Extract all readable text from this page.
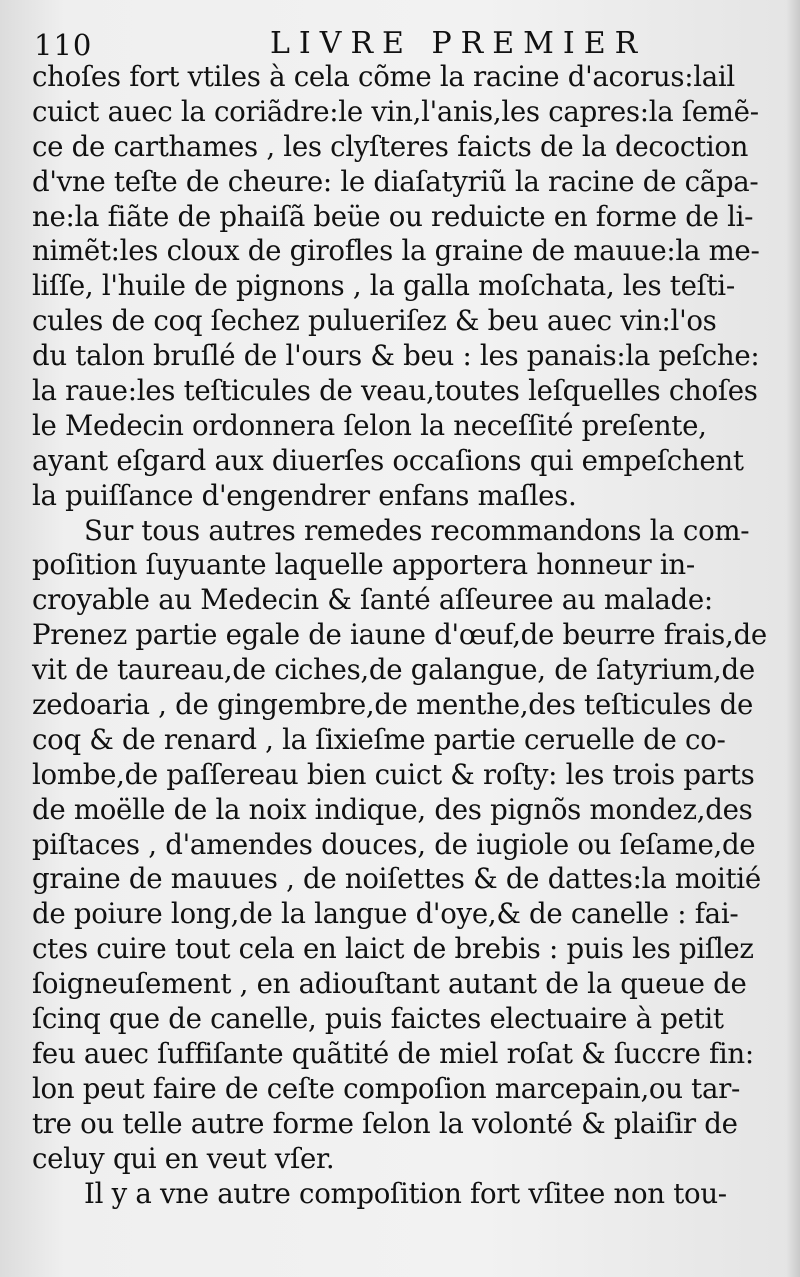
110	LIVRE PREMIER
choſes fort vtiles à cela cõme la racine d'acorus:lail
cuict auec la coriãdre:le vin,l'anis,les capres:la ſemẽ-
ce de carthames , les clyſteres faicts de la decoction
d'vne teſte de cheure: le diaſatyriũ la racine de cãpa-
ne:la fiãte de phaiſã beüe ou reduicte en forme de li-
nimẽt:les cloux de girofles la graine de mauue:la me-
liſſe, l'huile de pignons , la galla moſchata, les teſti-
cules de coq ſechez pulueriſez & beu auec vin:l'os
du talon bruſlé de l'ours & beu : les panais:la peſche:
la raue:les teſticules de veau,toutes leſquelles choſes
le Medecin ordonnera ſelon la neceſſité preſente,
ayant eſgard aux diuerſes occaſions qui empeſchent
la puiſſance d'engendrer enfans maſles.
Sur tous autres remedes recommandons la com-
poſition ſuyuante laquelle apportera honneur in-
croyable au Medecin & ſanté aſſeuree au malade:
Prenez partie egale de iaune d'œuf,de beurre frais,de
vit de taureau,de ciches,de galangue, de ſatyrium,de
zedoaria , de gingembre,de menthe,des teſticules de
coq & de renard , la ſixieſme partie ceruelle de co-
lombe,de paſſereau bien cuict & roſty: les trois parts
de moëlle de la noix indique, des pignõs mondez,des
piſtaces , d'amendes douces, de iugiole ou ſeſame,de
graine de mauues , de noiſettes & de dattes:la moitié
de poiure long,de la langue d'oye,& de canelle : fai-
ctes cuire tout cela en laict de brebis : puis les piſlez
ſoigneuſement , en adiouſtant autant de la queue de
ſcinq que de canelle, puis faictes electuaire à petit
feu auec ſuffiſante quãtité de miel roſat & ſuccre fin:
lon peut faire de ceſte compoſion marcepain,ou tar-
tre ou telle autre forme ſelon la volonté & plaiſir de
celuy qui en veut vſer.
Il y a vne autre compoſition fort vſitee non tou-
